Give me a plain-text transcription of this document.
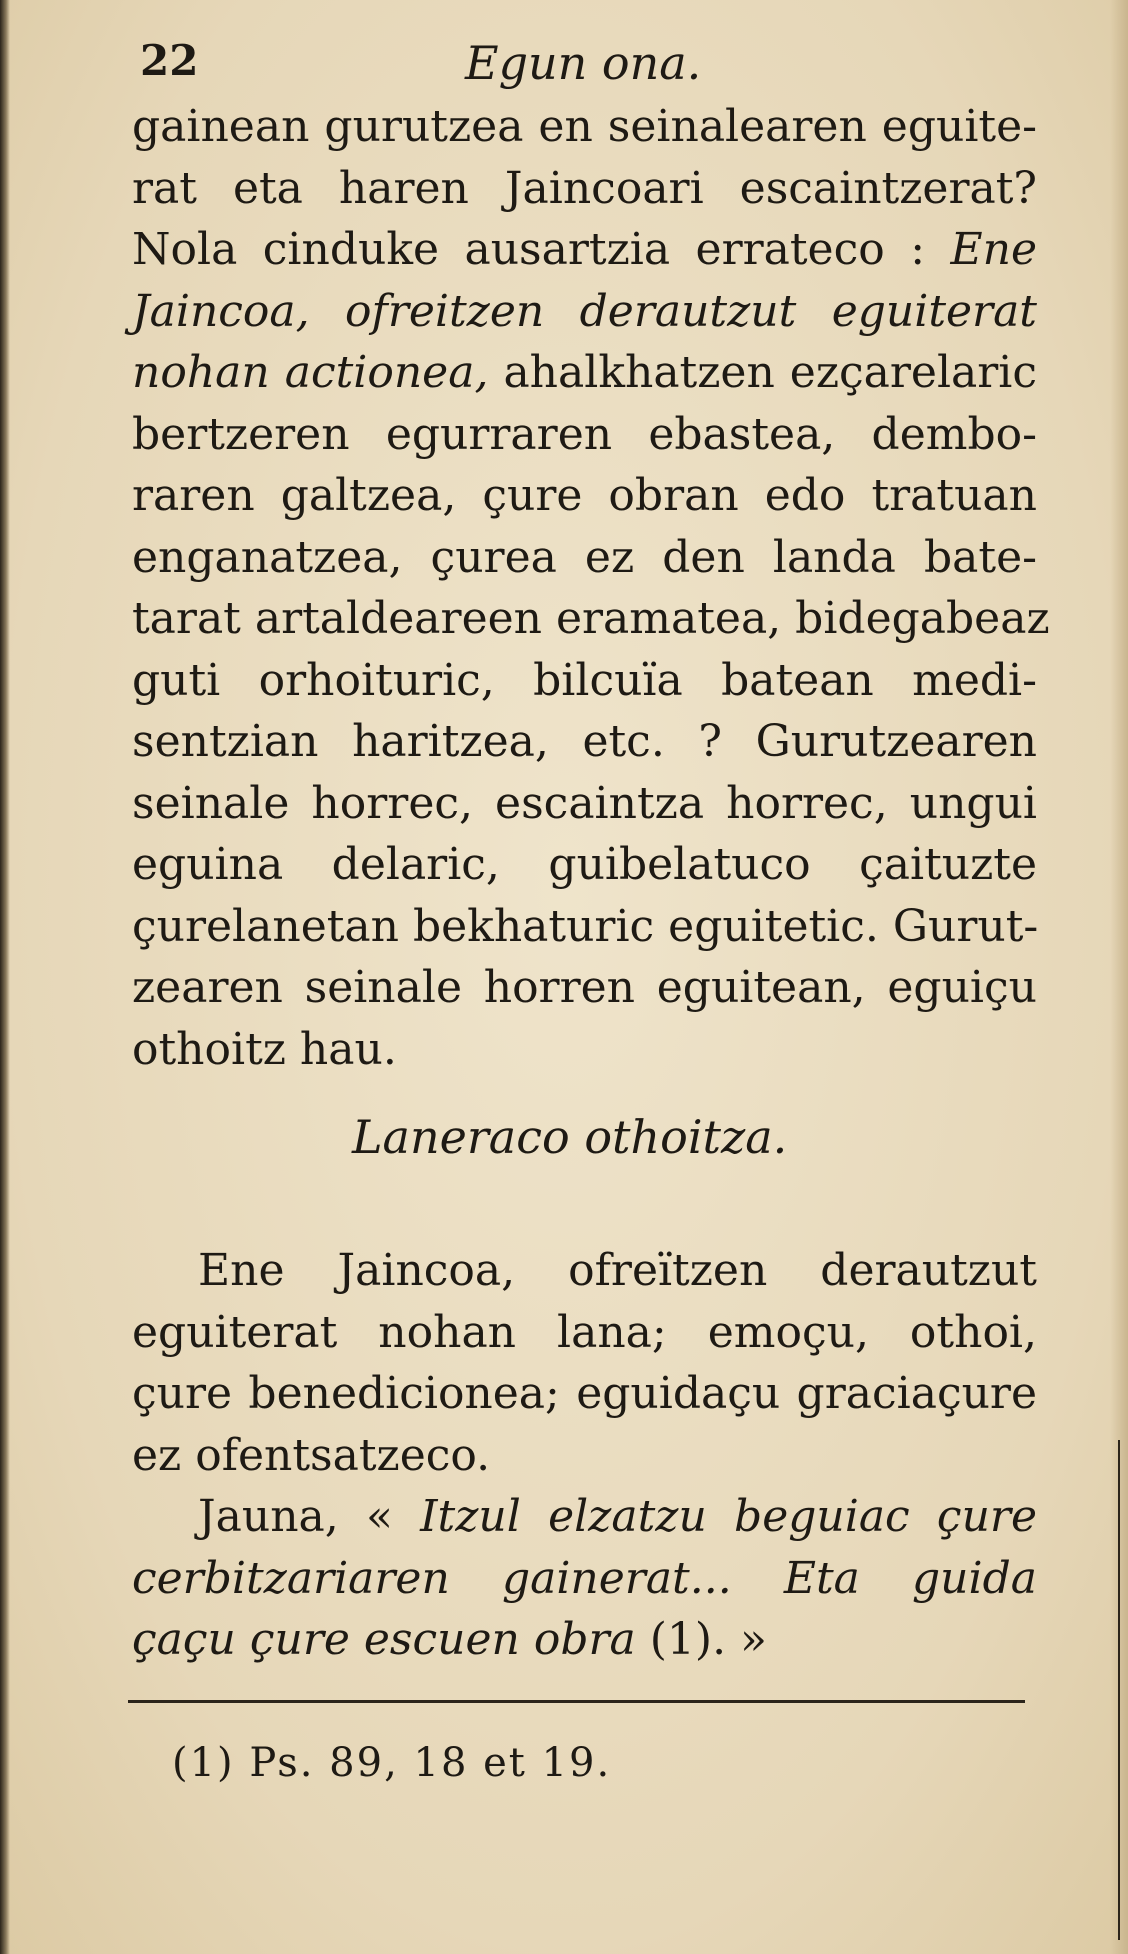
22	Egun ona.
gainean gurutzea en seinalearen eguite-
rat eta haren Jaincoari escaintzerat?
Nola cinduke ausartzia errateco : Ene
Jaincoa, ofreitzen derautzut eguiterat
nohan actionea, ahalkhatzen ezçarelaric
bertzeren egurraren ebastea, dembo-
raren galtzea, çure obran edo tratuan
enganatzea, çurea ez den landa bate-
tarat artaldeareen eramatea, bidegabeaz
guti orhoituric, bilcuïa batean medi-
sentzian haritzea, etc. ? Gurutzearen
seinale horrec, escaintza horrec, ungui
eguina delaric, guibelatuco çaituzte
çurelanetan bekhaturic eguitetic. Gurut-
zearen seinale horren eguitean, eguiçu
othoitz hau.
Laneraco othoitza.
Ene Jaincoa, ofreïtzen derautzut
eguiterat nohan lana; emoçu, othoi,
çure benedicionea; eguidaçu graciaçure
ez ofentsatzeco.
Jauna, « Itzul elzatzu beguiac çure
cerbitzariaren gainerat... Eta guida
çaçu çure escuen obra (1). »
(1) Ps. 89, 18 et 19.
